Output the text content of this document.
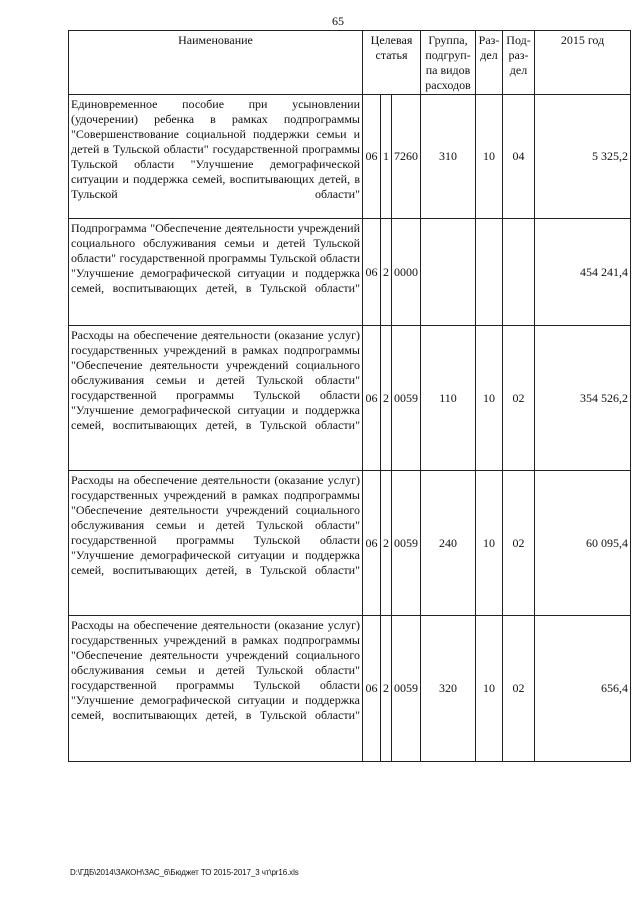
65
Наименование	Целевая статья			Группа, подгруп- па видов расходов	Раз- дел	Под- раз- дел	2015 год
Единовременное пособие при усыновлении (удочерении) ребенка в рамках подпрограммы "Совершенствование социальной поддержки семьи и детей в Тульской области" государственной программы Тульской области "Улучшение демографической ситуации и поддержка семей, воспитывающих детей, в Тульской области"	06	1	7260	310	10	04	5 325,2
Подпрограмма "Обеспечение деятельности учреждений социального обслуживания семьи и детей Тульской области" государственной программы Тульской области "Улучшение демографической ситуации и поддержка семей, воспитывающих детей, в Тульской области"	06	2	0000				454 241,4
Расходы на обеспечение деятельности (оказание услуг) государственных учреждений в рамках подпрограммы "Обеспечение деятельности учреждений социального обслуживания семьи и детей Тульской области" государственной программы Тульской области "Улучшение демографической ситуации и поддержка семей, воспитывающих детей, в Тульской области"	06	2	0059	110	10	02	354 526,2
Расходы на обеспечение деятельности (оказание услуг) государственных учреждений в рамках подпрограммы "Обеспечение деятельности учреждений социального обслуживания семьи и детей Тульской области" государственной программы Тульской области "Улучшение демографической ситуации и поддержка семей, воспитывающих детей, в Тульской области"	06	2	0059	240	10	02	60 095,4
Расходы на обеспечение деятельности (оказание услуг) государственных учреждений в рамках подпрограммы "Обеспечение деятельности учреждений социального обслуживания семьи и детей Тульской области" государственной программы Тульской области "Улучшение демографической ситуации и поддержка семей, воспитывающих детей, в Тульской области"	06	2	0059	320	10	02	656,4
D:\ГДБ\2014\ЗАКОН\ЗАС_6\Бюджет ТО 2015-2017_3 чт\pr16.xls
